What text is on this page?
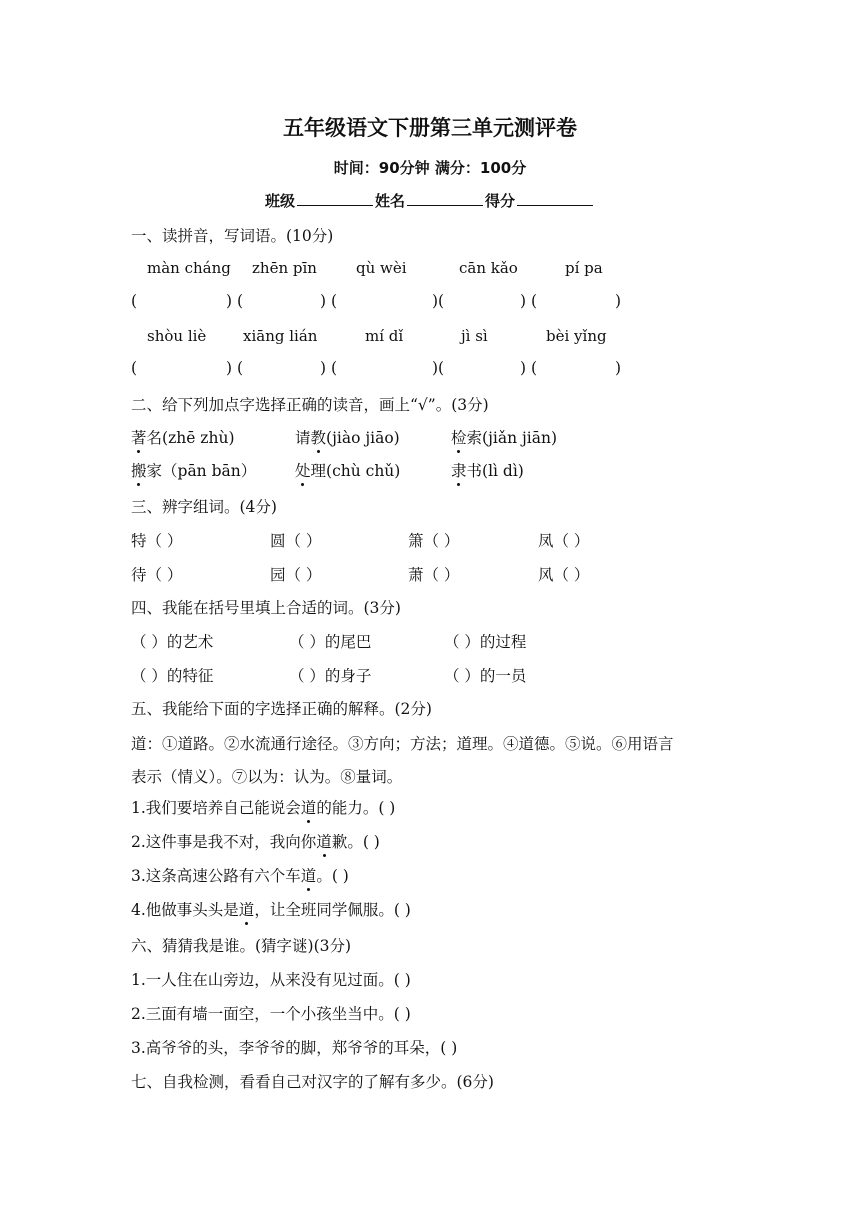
五年级语文下册第三单元测评卷
时间：90分钟 满分：100分
班级	姓名	得分
一、读拼音，写词语。(10分)
màn cháng zhēn pīn	qù wèi	cān kǎo	pí pa
(	) (	) (	)(	) (	)
shòu liè xiāng lián	mí dǐ	jì sì	bèi yǐng
(	) (	) (	)(	) (	)
二、给下列加点字选择正确的读音，画上“√”。(3分)
著名(zhē zhù)	请教(jiào jiāo)	检索(jiǎn jiān)
搬家（pān bān）	处理(chù chǔ)	隶书(lì dì)
三、辨字组词。(4分)
特（ ）	圆（ ）	箫（ ）	凤（ ）
待（ ）	园（ ）	萧（ ）	风（ ）
四、我能在括号里填上合适的词。(3分)
（ ）的艺术	（ ）的尾巴	（ ）的过程
（ ）的特征	（ ）的身子	（ ）的一员
五、我能给下面的字选择正确的解释。(2分)
道：①道路。②水流通行途径。③方向；方法；道理。④道德。⑤说。⑥用语言
表示（情义）。⑦以为：认为。⑧量词。
1.我们要培养自己能说会道的能力。( )
2.这件事是我不对，我向你道歉。( )
3.这条高速公路有六个车道。( )
4.他做事头头是道，让全班同学佩服。( )
六、猜猜我是谁。(猜字谜)(3分)
1.一人住在山旁边，从来没有见过面。( )
2.三面有墙一面空，一个小孩坐当中。( )
3.高爷爷的头，李爷爷的脚，郑爷爷的耳朵，( )
七、自我检测，看看自己对汉字的了解有多少。(6分)
